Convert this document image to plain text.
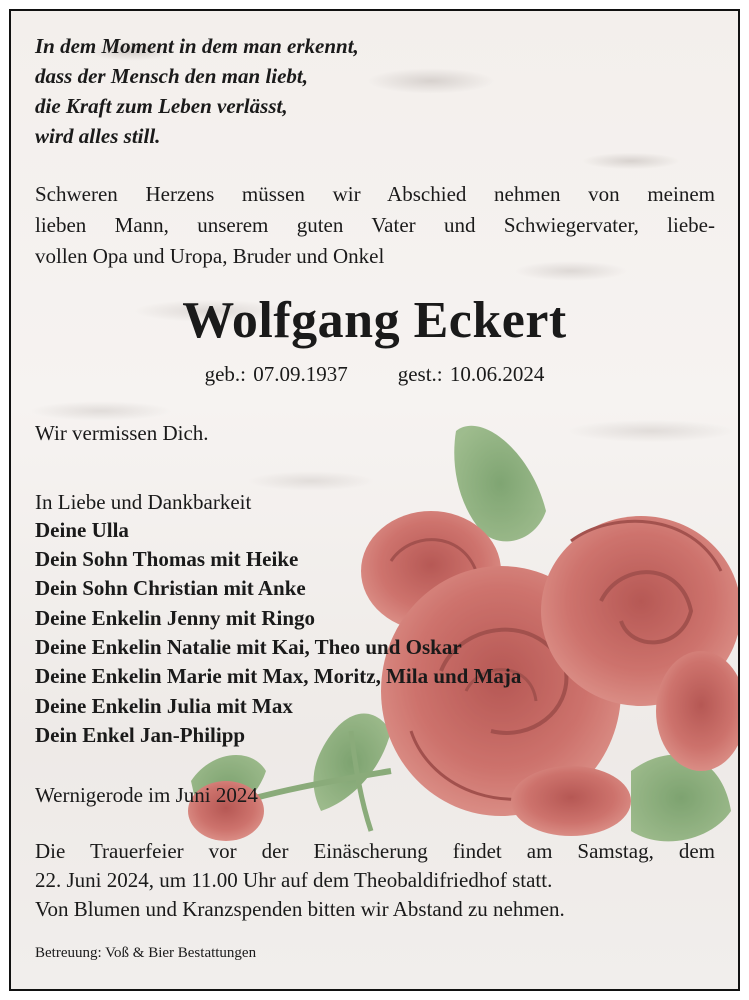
In dem Moment in dem man erkennt,
dass der Mensch den man liebt,
die Kraft zum Leben verlässt,
wird alles still.
Schweren Herzens müssen wir Abschied nehmen von meinem
lieben Mann, unserem guten Vater und Schwiegervater, liebe-
vollen Opa und Uropa, Bruder und Onkel
Wolfgang Eckert
geb.: 07.09.1937 gest.: 10.06.2024
Wir vermissen Dich.
In Liebe und Dankbarkeit
Deine Ulla
Dein Sohn Thomas mit Heike
Dein Sohn Christian mit Anke
Deine Enkelin Jenny mit Ringo
Deine Enkelin Natalie mit Kai, Theo und Oskar
Deine Enkelin Marie mit Max, Moritz, Mila und Maja
Deine Enkelin Julia mit Max
Dein Enkel Jan-Philipp
Wernigerode im Juni 2024
Die Trauerfeier vor der Einäscherung findet am Samstag, dem
22. Juni 2024, um 11.00 Uhr auf dem Theobaldifriedhof statt.
Von Blumen und Kranzspenden bitten wir Abstand zu nehmen.
Betreuung: Voß & Bier Bestattungen
